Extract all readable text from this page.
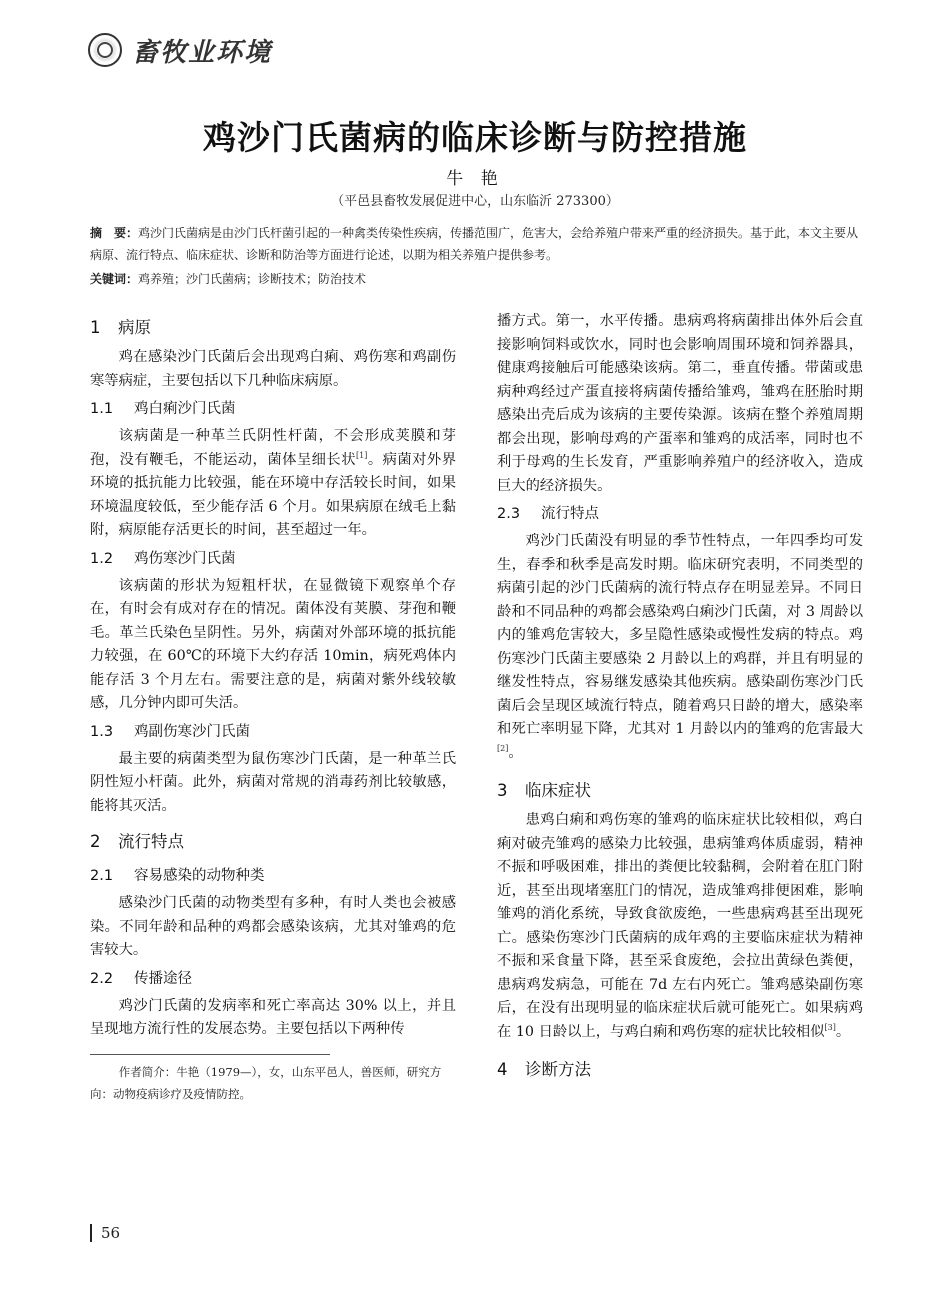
畜牧业环境
鸡沙门氏菌病的临床诊断与防控措施
牛 艳
（平邑县畜牧发展促进中心，山东临沂 273300）
摘　要：鸡沙门氏菌病是由沙门氏杆菌引起的一种禽类传染性疾病，传播范围广，危害大，会给养殖户带来严重的经济损失。基于此，本文主要从病原、流行特点、临床症状、诊断和防治等方面进行论述，以期为相关养殖户提供参考。
关键词：鸡养殖；沙门氏菌病；诊断技术；防治技术
1 病原

鸡在感染沙门氏菌后会出现鸡白痢、鸡伤寒和鸡副伤寒等病症，主要包括以下几种临床病原。

1.1 鸡白痢沙门氏菌

该病菌是一种革兰氏阴性杆菌，不会形成荚膜和芽孢，没有鞭毛，不能运动，菌体呈细长状[1]。病菌对外界环境的抵抗能力比较强，能在环境中存活较长时间，如果环境温度较低，至少能存活 6 个月。如果病原在绒毛上黏附，病原能存活更长的时间，甚至超过一年。

1.2 鸡伤寒沙门氏菌

该病菌的形状为短粗杆状，在显微镜下观察单个存在，有时会有成对存在的情况。菌体没有荚膜、芽孢和鞭毛。革兰氏染色呈阴性。另外，病菌对外部环境的抵抗能力较强，在 60℃的环境下大约存活 10min，病死鸡体内能存活 3 个月左右。需要注意的是，病菌对紫外线较敏感，几分钟内即可失活。

1.3 鸡副伤寒沙门氏菌

最主要的病菌类型为鼠伤寒沙门氏菌，是一种革兰氏阴性短小杆菌。此外，病菌对常规的消毒药剂比较敏感，能将其灭活。

2 流行特点
2.1 容易感染的动物种类

感染沙门氏菌的动物类型有多种，有时人类也会被感染。不同年龄和品种的鸡都会感染该病，尤其对雏鸡的危害较大。

2.2 传播途径

鸡沙门氏菌的发病率和死亡率高达 30% 以上，并且呈现地方流行性的发展态势。主要包括以下两种传

作者简介：牛艳（1979—），女，山东平邑人，兽医师，研究方向：动物疫病诊疗及疫情防控。

播方式。第一，水平传播。患病鸡将病菌排出体外后会直接影响饲料或饮水，同时也会影响周围环境和饲养器具，健康鸡接触后可能感染该病。第二，垂直传播。带菌或患病种鸡经过产蛋直接将病菌传播给雏鸡，雏鸡在胚胎时期感染出壳后成为该病的主要传染源。该病在整个养殖周期都会出现，影响母鸡的产蛋率和雏鸡的成活率，同时也不利于母鸡的生长发育，严重影响养殖户的经济收入，造成巨大的经济损失。

2.3 流行特点

鸡沙门氏菌没有明显的季节性特点，一年四季均可发生，春季和秋季是高发时期。临床研究表明，不同类型的病菌引起的沙门氏菌病的流行特点存在明显差异。不同日龄和不同品种的鸡都会感染鸡白痢沙门氏菌，对 3 周龄以内的雏鸡危害较大，多呈隐性感染或慢性发病的特点。鸡伤寒沙门氏菌主要感染 2 月龄以上的鸡群，并且有明显的继发性特点，容易继发感染其他疾病。感染副伤寒沙门氏菌后会呈现区域流行特点，随着鸡只日龄的增大，感染率和死亡率明显下降，尤其对 1 月龄以内的雏鸡的危害最大[2]。

3 临床症状

患鸡白痢和鸡伤寒的雏鸡的临床症状比较相似，鸡白痢对破壳雏鸡的感染力比较强，患病雏鸡体质虚弱，精神不振和呼吸困难，排出的粪便比较黏稠，会附着在肛门附近，甚至出现堵塞肛门的情况，造成雏鸡排便困难，影响雏鸡的消化系统，导致食欲废绝，一些患病鸡甚至出现死亡。感染伤寒沙门氏菌病的成年鸡的主要临床症状为精神不振和采食量下降，甚至采食废绝，会拉出黄绿色粪便，患病鸡发病急，可能在 7d 左右内死亡。雏鸡感染副伤寒后，在没有出现明显的临床症状后就可能死亡。如果病鸡在 10 日龄以上，与鸡白痢和鸡伤寒的症状比较相似[3]。

4 诊断方法
56
